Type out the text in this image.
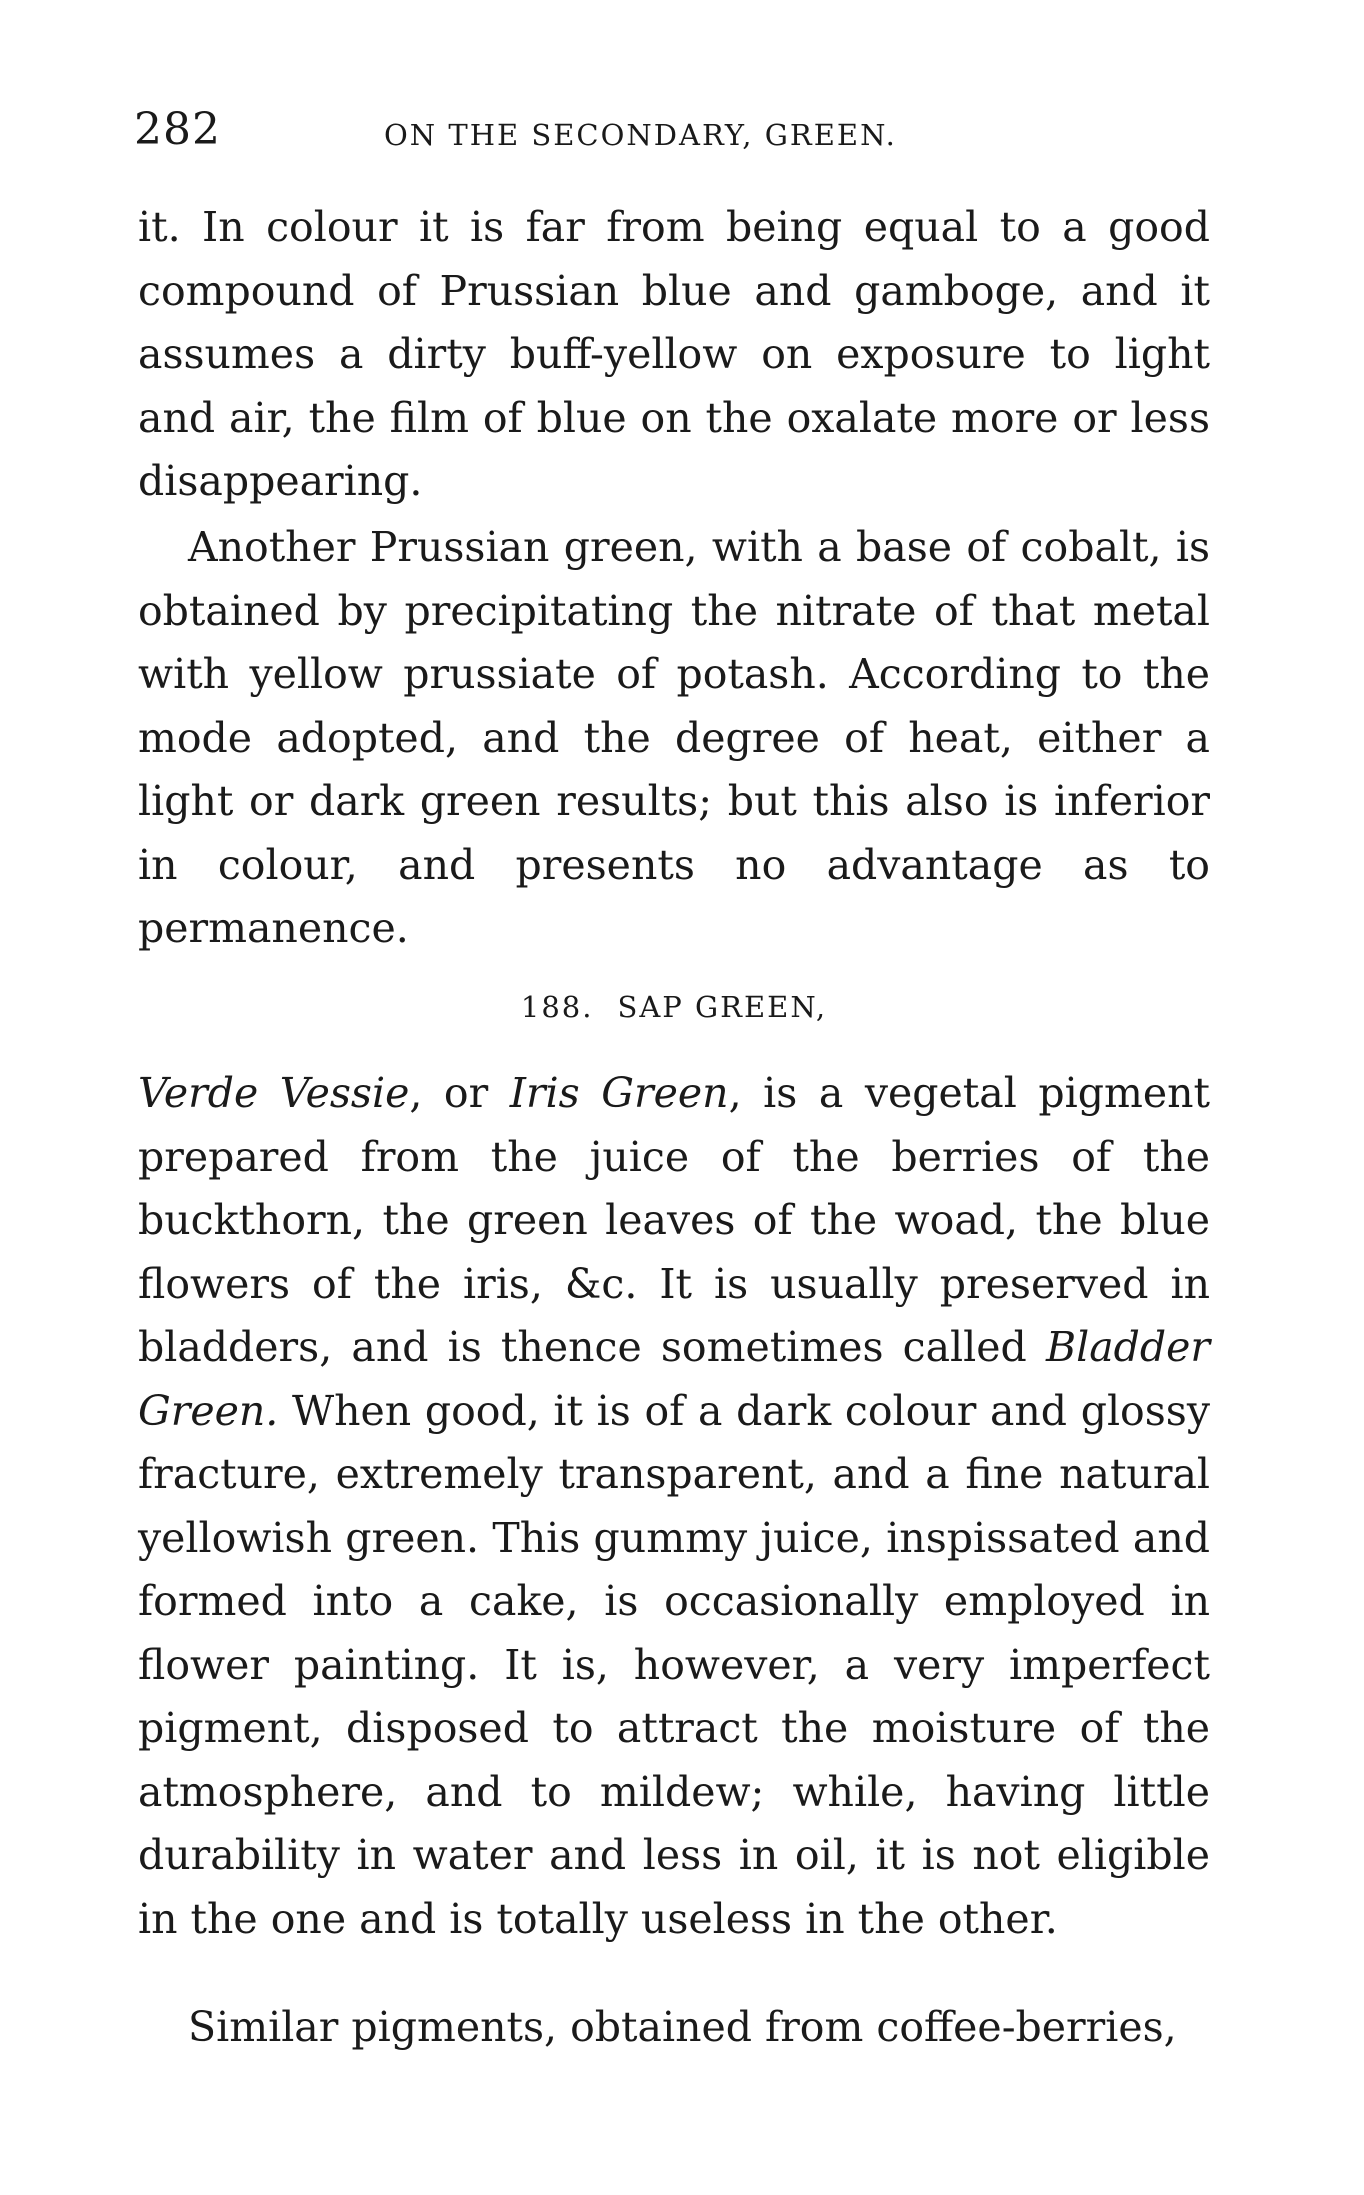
282	ON THE SECONDARY, GREEN.

it. In colour it is far from being equal to a good compound of Prussian blue and gamboge, and it assumes a dirty buff-yellow on exposure to light and air, the film of blue on the oxalate more or less disappearing.

Another Prussian green, with a base of cobalt, is obtained by precipitating the nitrate of that metal with yellow prussiate of potash. According to the mode adopted, and the degree of heat, either a light or dark green results; but this also is inferior in colour, and presents no advantage as to permanence.

188. SAP GREEN,

Verde Vessie, or Iris Green, is a vegetal pigment prepared from the juice of the berries of the buckthorn, the green leaves of the woad, the blue flowers of the iris, &c. It is usually preserved in bladders, and is thence sometimes called Bladder Green. When good, it is of a dark colour and glossy fracture, extremely transparent, and a fine natural yellowish green. This gummy juice, inspissated and formed into a cake, is occasionally employed in flower painting. It is, however, a very imperfect pigment, disposed to attract the moisture of the atmosphere, and to mildew; while, having little durability in water and less in oil, it is not eligible in the one and is totally useless in the other.

Similar pigments, obtained from coffee-berries,
